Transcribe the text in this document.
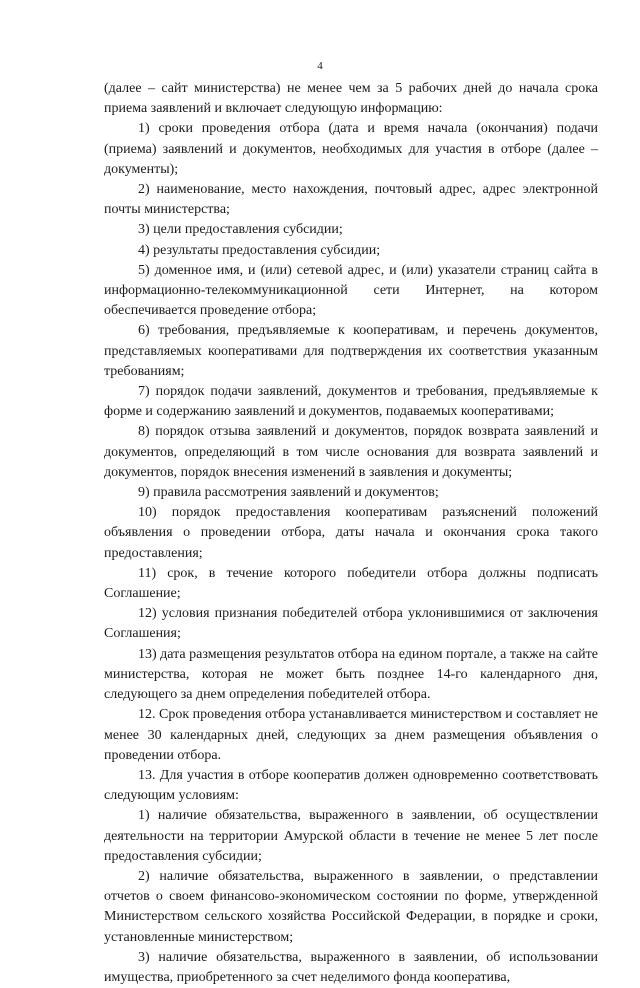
4

(далее – сайт министерства) не менее чем за 5 рабочих дней до начала срока приема заявлений и включает следующую информацию:

1) сроки проведения отбора (дата и время начала (окончания) подачи (приема) заявлений и документов, необходимых для участия в отборе (далее – документы);

2) наименование, место нахождения, почтовый адрес, адрес электронной почты министерства;

3) цели предоставления субсидии;

4) результаты предоставления субсидии;

5) доменное имя, и (или) сетевой адрес, и (или) указатели страниц сайта в информационно-телекоммуникационной сети Интернет, на котором обеспечивается проведение отбора;

6) требования, предъявляемые к кооперативам, и перечень документов, представляемых кооперативами для подтверждения их соответствия указанным требованиям;

7) порядок подачи заявлений, документов и требования, предъявляемые к форме и содержанию заявлений и документов, подаваемых кооперативами;

8) порядок отзыва заявлений и документов, порядок возврата заявлений и документов, определяющий в том числе основания для возврата заявлений и документов, порядок внесения изменений в заявления и документы;

9) правила рассмотрения заявлений и документов;

10) порядок предоставления кооперативам разъяснений положений объявления о проведении отбора, даты начала и окончания срока такого предоставления;

11) срок, в течение которого победители отбора должны подписать Соглашение;

12) условия признания победителей отбора уклонившимися от заключения Соглашения;

13) дата размещения результатов отбора на едином портале, а также на сайте министерства, которая не может быть позднее 14-го календарного дня, следующего за днем определения победителей отбора.

12. Срок проведения отбора устанавливается министерством и составляет не менее 30 календарных дней, следующих за днем размещения объявления о проведении отбора.

13. Для участия в отборе кооператив должен одновременно соответствовать следующим условиям:

1) наличие обязательства, выраженного в заявлении, об осуществлении деятельности на территории Амурской области в течение не менее 5 лет после предоставления субсидии;

2) наличие обязательства, выраженного в заявлении, о представлении отчетов о своем финансово-экономическом состоянии по форме, утвержденной Министерством сельского хозяйства Российской Федерации, в порядке и сроки, установленные министерством;

3) наличие обязательства, выраженного в заявлении, об использовании имущества, приобретенного за счет неделимого фонда кооператива,
